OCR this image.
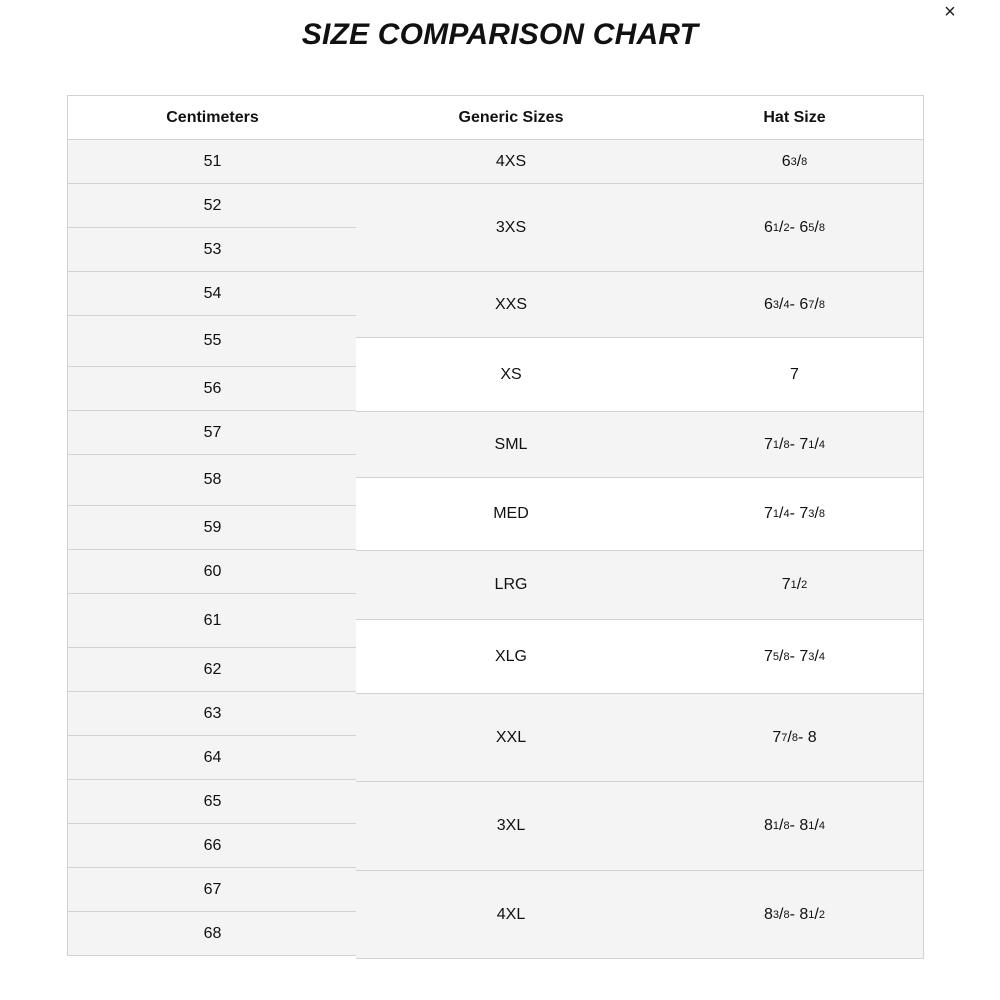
SIZE COMPARISON CHART
×
Centimeters
51
52
53
54
55
56
57
58
59
60
61
62
63
64
65
66
67
68
Generic Sizes
4XS
3XS
XXS
XS
SML
MED
LRG
XLG
XXL
3XL
4XL
Hat Size
6 3 / 8
6 1 / 2 - 6 5 / 8
6 3 / 4 - 6 7 / 8
7
7 1 / 8 - 7 1 / 4
7 1 / 4 - 7 3 / 8
7 1 / 2
7 5 / 8 - 7 3 / 4
7 7 / 8 - 8
8 1 / 8 - 8 1 / 4
8 3 / 8 - 8 1 / 2
